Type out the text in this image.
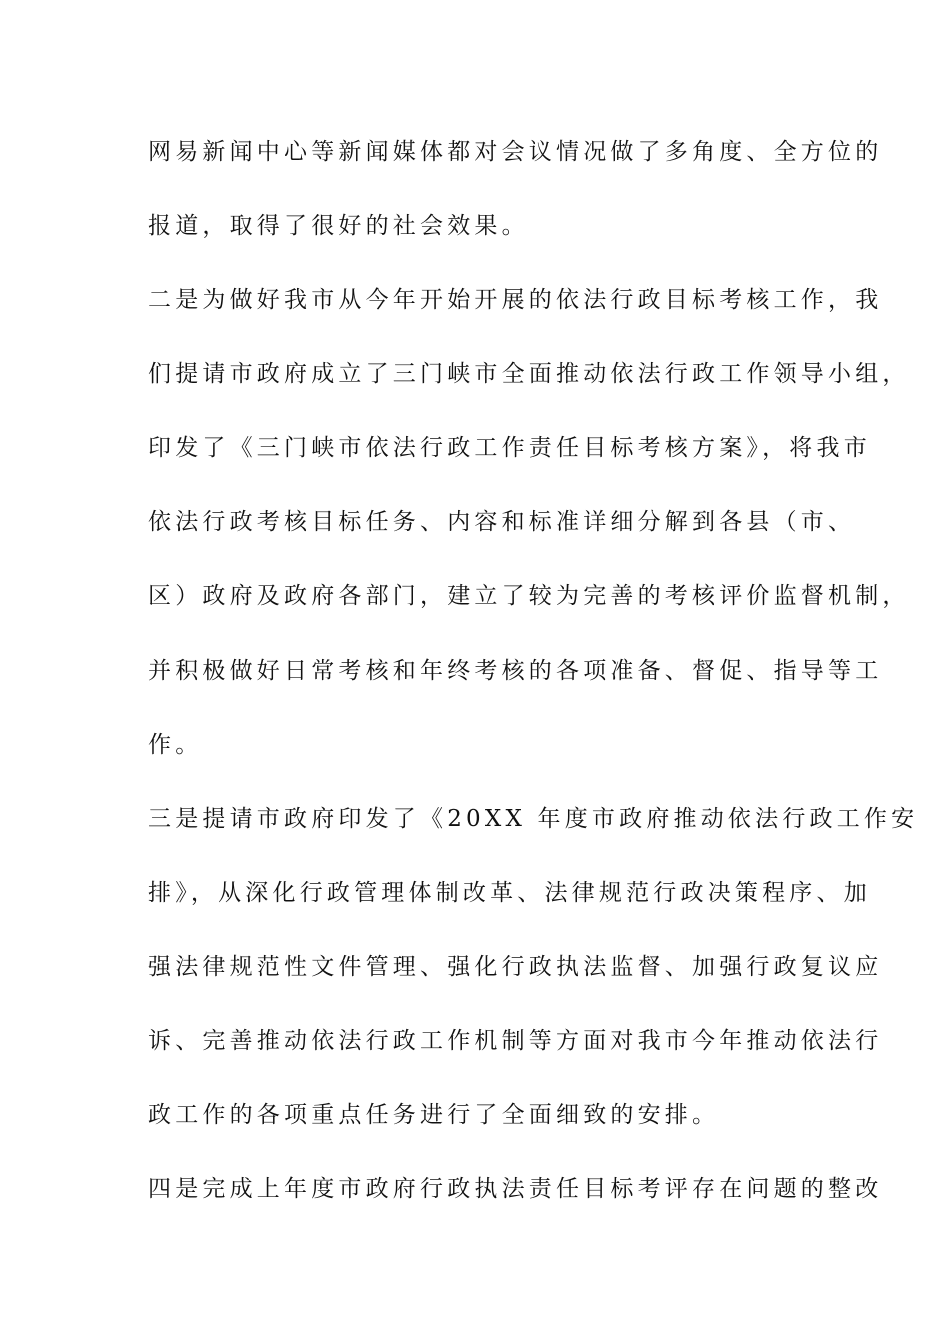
网易新闻中心等新闻媒体都对会议情况做了多角度、全方位的
报道，取得了很好的社会效果。
二是为做好我市从今年开始开展的依法行政目标考核工作，我
们提请市政府成立了三门峡市全面推动依法行政工作领导小组，
印发了《三门峡市依法行政工作责任目标考核方案》，将我市
依法行政考核目标任务、内容和标准详细分解到各县（市、
区）政府及政府各部门，建立了较为完善的考核评价监督机制，
并积极做好日常考核和年终考核的各项准备、督促、指导等工
作。
三是提请市政府印发了《20XX 年度市政府推动依法行政工作安
排》，从深化行政管理体制改革、法律规范行政决策程序、加
强法律规范性文件管理、强化行政执法监督、加强行政复议应
诉、完善推动依法行政工作机制等方面对我市今年推动依法行
政工作的各项重点任务进行了全面细致的安排。
四是完成上年度市政府行政执法责任目标考评存在问题的整改
